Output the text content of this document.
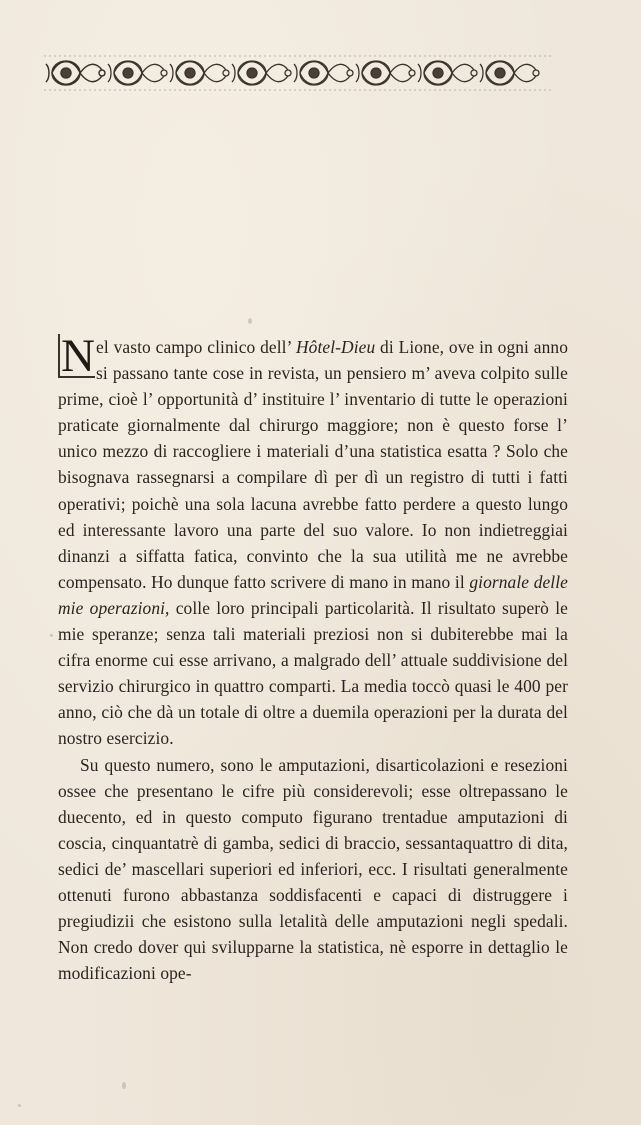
N el vasto campo clinico dell’ Hôtel-Dieu di Lione, ove in ogni anno si passano tante cose in revista, un pensiero m’ aveva colpito sulle prime, cioè l’ opportunità d’ instituire l’ inventario di tutte le operazioni praticate giornalmente dal chirurgo maggiore; non è questo forse l’ unico mezzo di raccogliere i materiali d’una statistica esatta ? Solo che bisognava rassegnarsi a compilare dì per dì un registro di tutti i fatti operativi; poichè una sola lacuna avrebbe fatto perdere a questo lungo ed interessante lavoro una parte del suo valore. Io non indietreggiai dinanzi a siffatta fatica, convinto che la sua utilità me ne avrebbe compensato. Ho dunque fatto scrivere di mano in mano il giornale delle mie operazioni, colle loro principali particolarità. Il risultato superò le mie speranze; senza tali materiali preziosi non si dubiterebbe mai la cifra enorme cui esse arrivano, a malgrado dell’ attuale suddivisione del servizio chirurgico in quattro comparti. La media toccò quasi le 400 per anno, ciò che dà un totale di oltre a duemila operazioni per la durata del nostro esercizio.

Su questo numero, sono le amputazioni, disarticolazioni e resezioni ossee che presentano le cifre più considerevoli; esse oltrepassano le duecento, ed in questo computo figurano trentadue amputazioni di coscia, cinquantatrè di gamba, sedici di braccio, sessantaquattro di dita, sedici de’ mascellari superiori ed inferiori, ecc. I risultati generalmente ottenuti furono abbastanza soddisfacenti e capaci di distruggere i pregiudizii che esistono sulla letalità delle amputazioni negli spedali. Non credo dover qui svilupparne la statistica, nè esporre in dettaglio le modificazioni ope-
